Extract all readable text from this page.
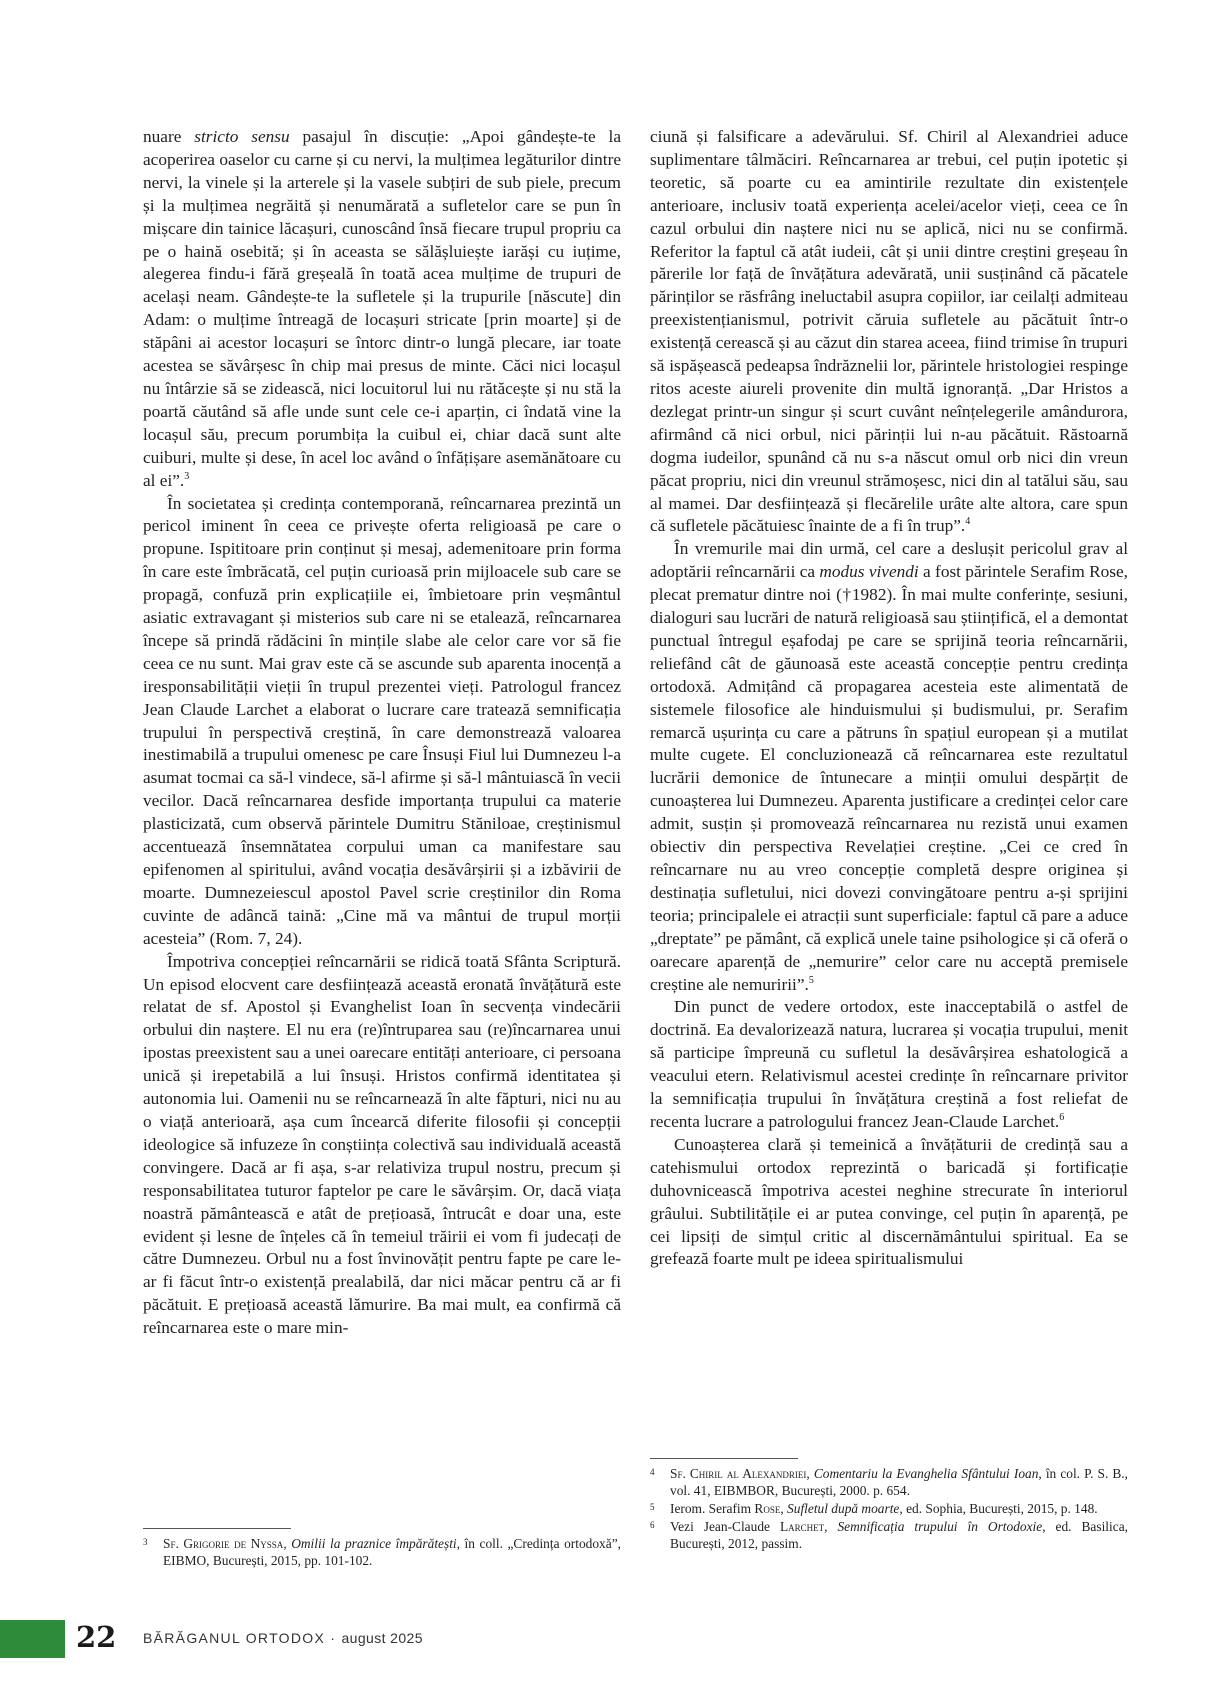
nuare stricto sensu pasajul în discuție: „Apoi gândește-te la acoperirea oaselor cu carne și cu nervi, la mulțimea legăturilor dintre nervi, la vinele și la arterele și la vasele subțiri de sub piele, precum și la mulțimea negrăită și nenumărată a sufletelor care se pun în mișcare din tainice lăcașuri, cunoscând însă fiecare trupul propriu ca pe o haină osebită; și în aceasta se sălășluiește iarăși cu iuțime, alegerea findu-i fără greșeală în toată acea mulțime de trupuri de același neam. Gândește-te la sufletele și la trupurile [născute] din Adam: o mulțime întreagă de locașuri stricate [prin moarte] și de stăpâni ai acestor locașuri se întorc dintr-o lungă plecare, iar toate acestea se săvârșesc în chip mai presus de minte. Căci nici locașul nu întârzie să se zidească, nici locuitorul lui nu rătăcește și nu stă la poartă căutând să afle unde sunt cele ce-i aparțin, ci îndată vine la locașul său, precum porumbița la cuibul ei, chiar dacă sunt alte cuiburi, multe și dese, în acel loc având o înfățișare asemănătoare cu al ei”.$^3$

În societatea și credința contemporană, reîncarnarea prezintă un pericol iminent în ceea ce privește oferta religioasă pe care o propune. Ispititoare prin conținut și mesaj, ademenitoare prin forma în care este îmbrăcată, cel puțin curioasă prin mijloacele sub care se propagă, confuză prin explicațiile ei, îmbietoare prin veșmântul asiatic extravagant și misterios sub care ni se etalează, reîncarnarea începe să prindă rădăcini în mințile slabe ale celor care vor să fie ceea ce nu sunt. Mai grav este că se ascunde sub aparenta inocență a iresponsabilității vieții în trupul prezentei vieți. Patrologul francez Jean Claude Larchet a elaborat o lucrare care tratează semnificația trupului în perspectivă creștină, în care demonstrează valoarea inestimabilă a trupului omenesc pe care Însuși Fiul lui Dumnezeu l-a asumat tocmai ca să-l vindece, să-l afirme și să-l mântuiască în vecii vecilor. Dacă reîncarnarea desfide importanța trupului ca materie plasticizată, cum observă părintele Dumitru Stăniloae, creștinismul accentuează însemnătatea corpului uman ca manifestare sau epifenomen al spiritului, având vocația desăvârșirii și a izbăvirii de moarte. Dumnezeiescul apostol Pavel scrie creștinilor din Roma cuvinte de adâncă taină: „Cine mă va mântui de trupul morții acesteia” (Rom. 7, 24).

Împotriva concepției reîncarnării se ridică toată Sfânta Scriptură. Un episod elocvent care desființează această eronată învățătură este relatat de sf. Apostol și Evanghelist Ioan în secvența vindecării orbului din naștere. El nu era (re)întruparea sau (re)încarnarea unui ipostas preexistent sau a unei oarecare entități anterioare, ci persoana unică și irepetabilă a lui însuși. Hristos confirmă identitatea și autonomia lui. Oamenii nu se reîncarnează în alte făpturi, nici nu au o viață anterioară, așa cum încearcă diferite filosofii și concepții ideologice să infuzeze în conștiința colectivă sau individuală această convingere. Dacă ar fi așa, s-ar relativiza trupul nostru, precum și responsabilitatea tuturor faptelor pe care le săvârșim. Or, dacă viața noastră pământească e atât de prețioasă, întrucât e doar una, este evident și lesne de înțeles că în temeiul trăirii ei vom fi judecați de către Dumnezeu. Orbul nu a fost învinovățit pentru fapte pe care le-ar fi făcut într-o existență prealabilă, dar nici măcar pentru că ar fi păcătuit. E prețioasă această lămurire. Ba mai mult, ea confirmă că reîncarnarea este o mare min-

ciună și falsificare a adevărului. Sf. Chiril al Alexandriei aduce suplimentare tâlmăciri. Reîncarnarea ar trebui, cel puțin ipotetic și teoretic, să poarte cu ea amintirile rezultate din existențele anterioare, inclusiv toată experiența acelei/acelor vieți, ceea ce în cazul orbului din naștere nici nu se aplică, nici nu se confirmă. Referitor la faptul că atât iudeii, cât și unii dintre creștini greșeau în părerile lor față de învățătura adevărată, unii susținând că păcatele părinților se răsfrâng ineluctabil asupra copiilor, iar ceilalți admiteau preexistențianismul, potrivit căruia sufletele au păcătuit într-o existență cerească și au căzut din starea aceea, fiind trimise în trupuri să ispășească pedeapsa îndrăznelii lor, părintele hristologiei respinge ritos aceste aiureli provenite din multă ignoranță. „Dar Hristos a dezlegat printr-un singur și scurt cuvânt neînțelegerile amândurora, afirmând că nici orbul, nici părinții lui n-au păcătuit. Răstoarnă dogma iudeilor, spunând că nu s-a născut omul orb nici din vreun păcat propriu, nici din vreunul strămoșesc, nici din al tatălui său, sau al mamei. Dar desființează și flecărelile urâte alte altora, care spun că sufletele păcătuiesc înainte de a fi în trup”.$^4$

În vremurile mai din urmă, cel care a deslușit pericolul grav al adoptării reîncarnării ca modus vivendi a fost părintele Serafim Rose, plecat prematur dintre noi (†1982). În mai multe conferințe, sesiuni, dialoguri sau lucrări de natură religioasă sau științifică, el a demontat punctual întregul eșafodaj pe care se sprijină teoria reîncarnării, reliefând cât de găunoasă este această concepție pentru credința ortodoxă. Admițând că propagarea acesteia este alimentată de sistemele filosofice ale hinduismului și budismului, pr. Serafim remarcă ușurința cu care a pătruns în spațiul european și a mutilat multe cugete. El concluzionează că reîncarnarea este rezultatul lucrării demonice de întunecare a minții omului despărțit de cunoașterea lui Dumnezeu. Aparenta justificare a credinței celor care admit, susțin și promovează reîncarnarea nu rezistă unui examen obiectiv din perspectiva Revelației creștine. „Cei ce cred în reîncarnare nu au vreo concepție completă despre originea și destinația sufletului, nici dovezi convingătoare pentru a-și sprijini teoria; principalele ei atracții sunt superficiale: faptul că pare a aduce „dreptate” pe pământ, că explică unele taine psihologice și că oferă o oarecare aparență de „nemurire” celor care nu acceptă premisele creștine ale nemuririi”.$^5$

Din punct de vedere ortodox, este inacceptabilă o astfel de doctrină. Ea devalorizează natura, lucrarea și vocația trupului, menit să participe împreună cu sufletul la desăvârșirea eshatologică a veacului etern. Relativismul acestei credințe în reîncarnare privitor la semnificația trupului în învățătura creștină a fost reliefat de recenta lucrare a patrologului francez Jean-Claude Larchet.$^6$

Cunoașterea clară și temeinică a învățăturii de credință sau a catehismului ortodox reprezintă o baricadă și fortificație duhovnicească împotriva acestei neghine strecurate în interiorul grâului. Subtilitățile ei ar putea convinge, cel puțin în aparență, pe cei lipsiți de simțul critic al discernământului spiritual. Ea se grefează foarte mult pe ideea spiritualismului

3	Sf. Grigorie de Nyssa, Omilii la praznice împărătești, în coll. „Credința ortodoxă”, EIBMO, București, 2015, pp. 101-102.
4	Sf. Chiril al Alexandriei, Comentariu la Evanghelia Sfântului Ioan, în col. P. S. B., vol. 41, EIBMBOR, București, 2000. p. 654.
5	Ierom. Serafim Rose, Sufletul după moarte, ed. Sophia, București, 2015, p. 148.
6	Vezi Jean-Claude Larchet, Semnificația trupului în Ortodoxie, ed. Basilica, București, 2012, passim.
22 BĂRĂGANUL ORTODOX · august 2025
